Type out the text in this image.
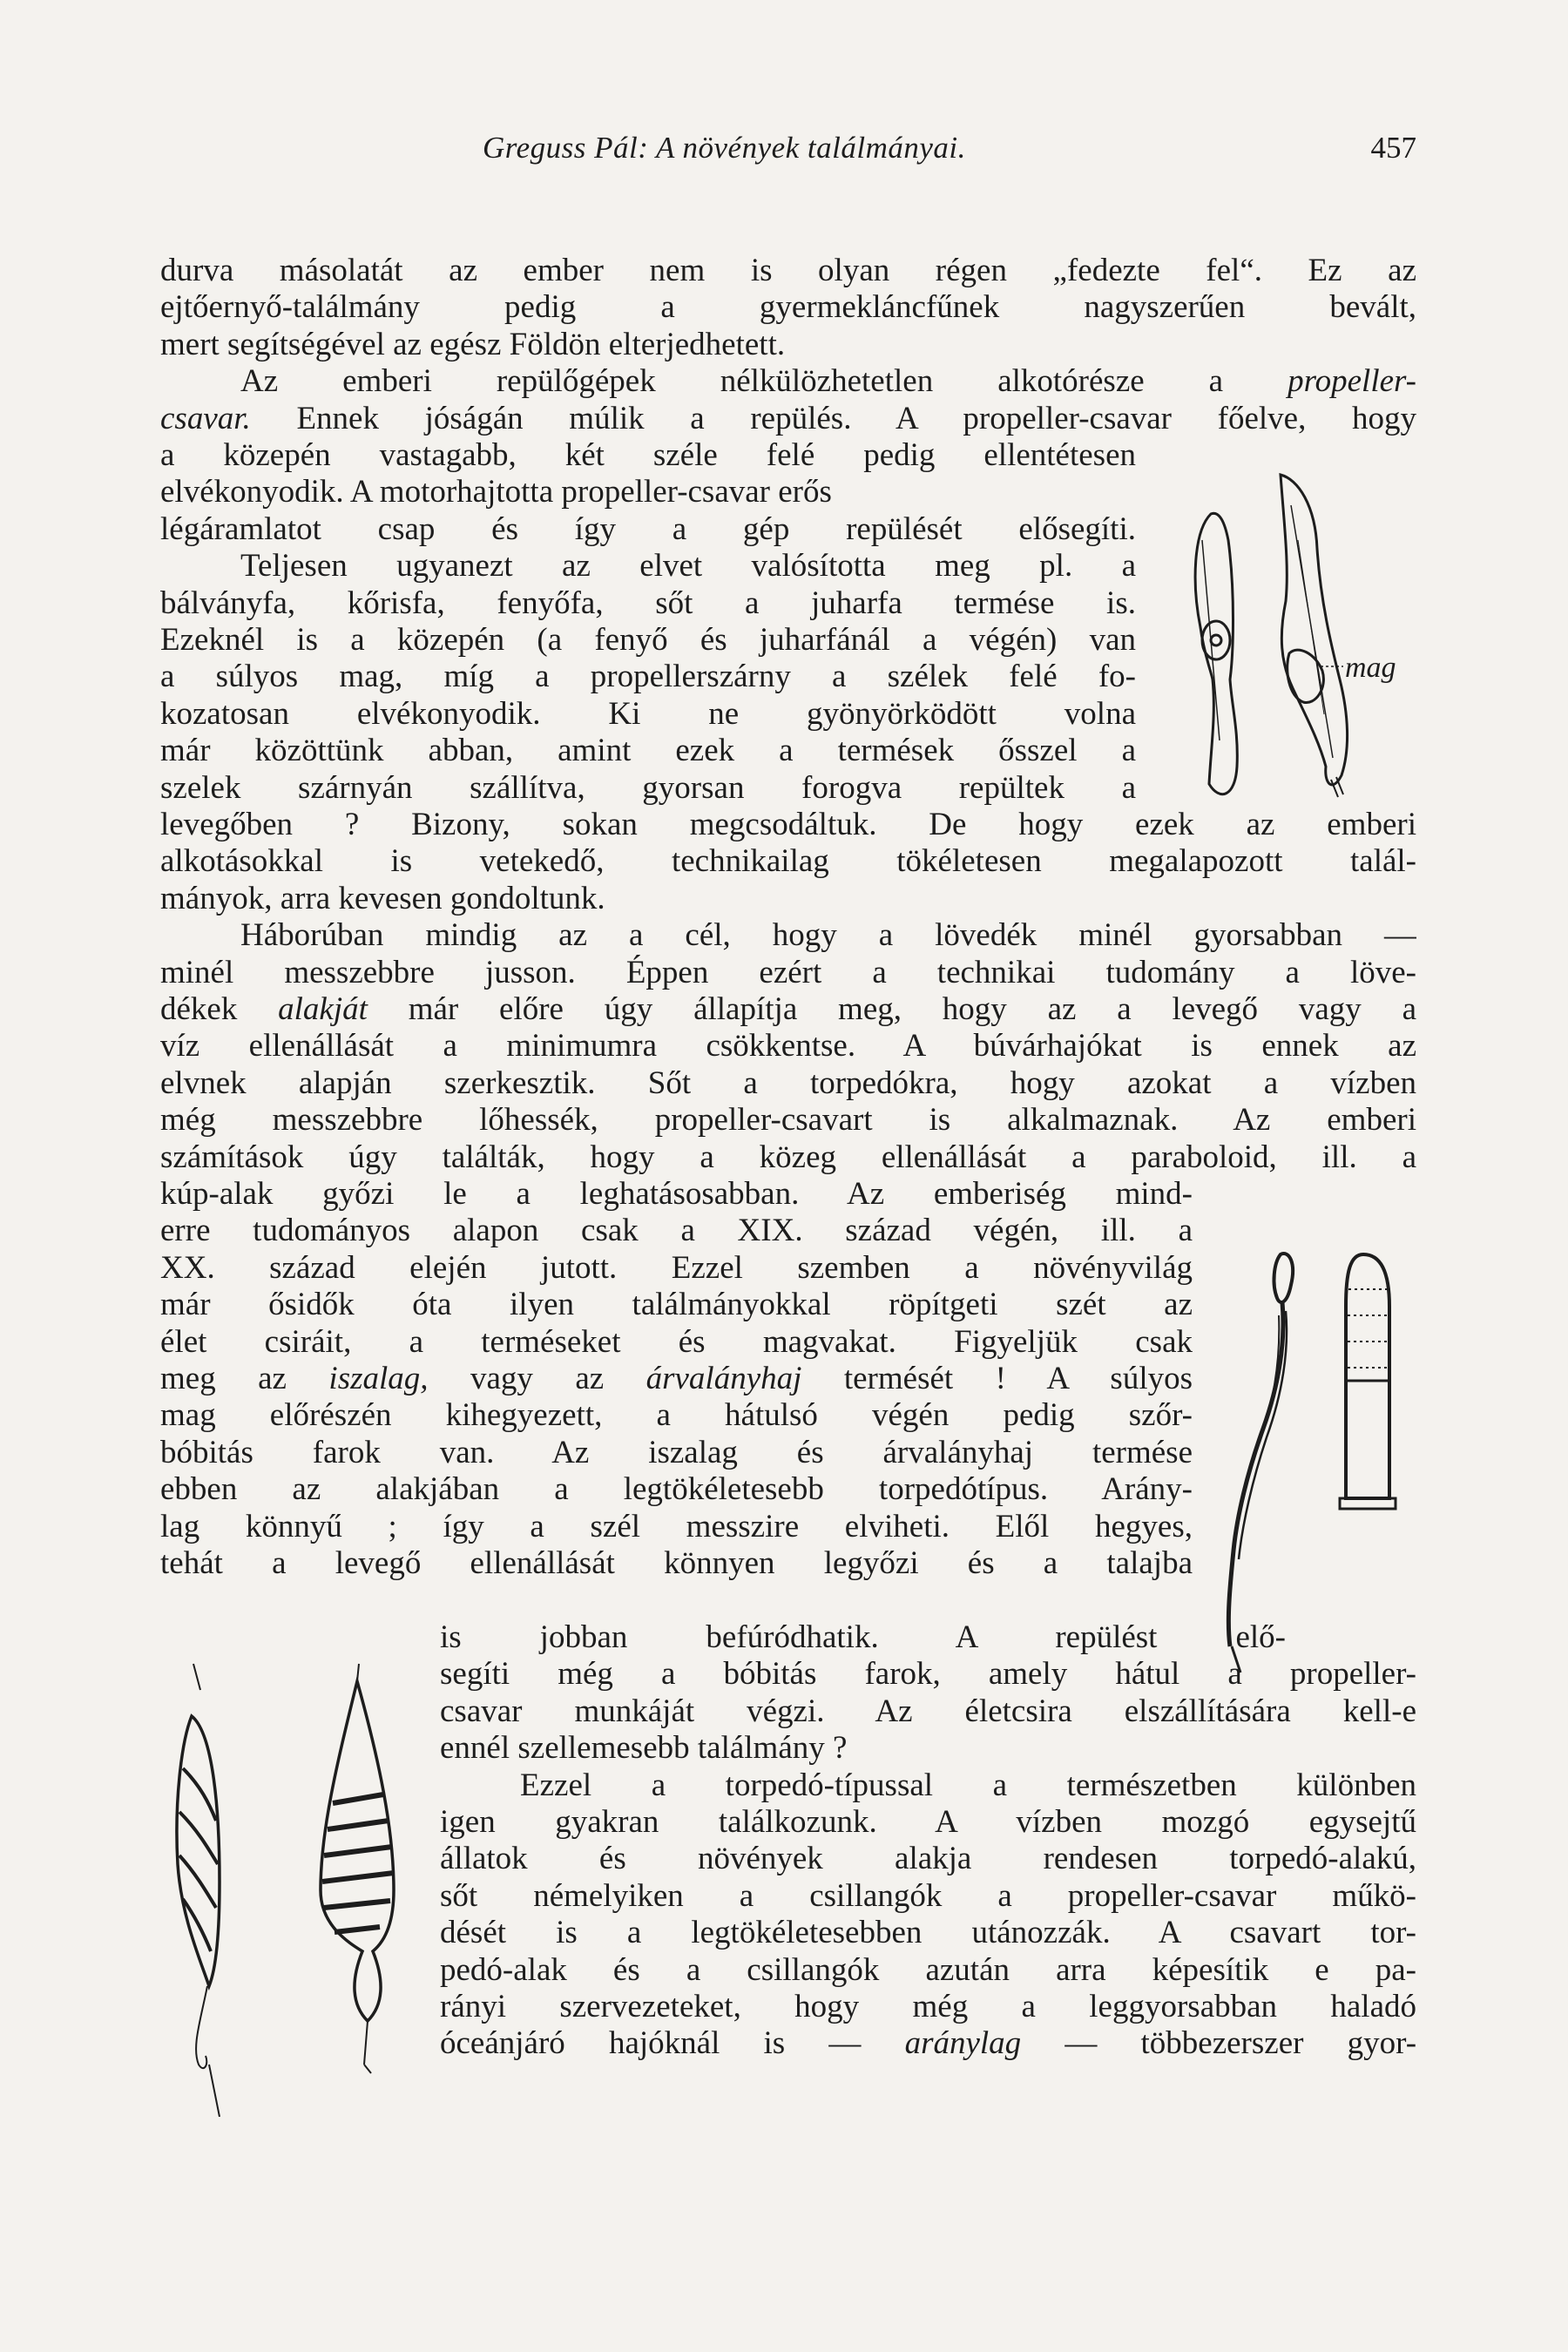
Greguss Pál: A növények találmányai.	457
durva másolatát az ember nem is olyan régen „fedezte fel“. Ez az
ejtőernyő-találmány pedig a gyermekláncfűnek nagyszerűen bevált,
mert segítségével az egész Földön elterjedhetett.
Az emberi repülőgépek nélkülözhetetlen alkotórésze a propeller-
csavar. Ennek jóságán múlik a repülés. A propeller-csavar főelve, hogy
a közepén vastagabb, két széle felé pedig ellentétesen
elvékonyodik. A motorhajtotta propeller-csavar erős
légáramlatot csap és így a gép repülését elősegíti.
Teljesen ugyanezt az elvet valósította meg pl. a
bálványfa, kőrisfa, fenyőfa, sőt a juharfa termése is.
Ezeknél is a közepén (a fenyő és juharfánál a végén) van
a súlyos mag, míg a propellerszárny a szélek felé fo-
kozatosan elvékonyodik. Ki ne gyönyörködött volna
már közöttünk abban, amint ezek a termések ősszel a
szelek szárnyán szállítva, gyorsan forogva repültek a
levegőben ? Bizony, sokan megcsodáltuk. De hogy ezek az emberi
alkotásokkal is vetekedő, technikailag tökéletesen megalapozott talál-
mányok, arra kevesen gondoltunk.
Háborúban mindig az a cél, hogy a lövedék minél gyorsabban —
minél messzebbre jusson. Éppen ezért a technikai tudomány a löve-
dékek alakját már előre úgy állapítja meg, hogy az a levegő vagy a
víz ellenállását a minimumra csökkentse. A búvárhajókat is ennek az
elvnek alapján szerkesztik. Sőt a torpedókra, hogy azokat a vízben
még messzebbre lőhessék, propeller-csavart is alkalmaznak. Az emberi
számítások úgy találták, hogy a közeg ellenállását a paraboloid, ill. a
kúp-alak győzi le a leghatásosabban. Az emberiség mind-
erre tudományos alapon csak a XIX. század végén, ill. a
XX. század elején jutott. Ezzel szemben a növényvilág
már ősidők óta ilyen találmányokkal röpítgeti szét az
élet csiráit, a terméseket és magvakat. Figyeljük csak
meg az iszalag, vagy az árvalányhaj termését ! A súlyos
mag előrészén kihegyezett, a hátulsó végén pedig szőr-
bóbitás farok van. Az iszalag és árvalányhaj termése
ebben az alakjában a legtökéletesebb torpedótípus. Arány-
lag könnyű ; így a szél messzire elviheti. Elől hegyes,
tehát a levegő ellenállását könnyen legyőzi és a talajba
is jobban befúródhatik. A repülést elő-
segíti még a bóbitás farok, amely hátul a propeller-
csavar munkáját végzi. Az életcsira elszállítására kell-e
ennél szellemesebb találmány ?
Ezzel a torpedó-típussal a természetben különben
igen gyakran találkozunk. A vízben mozgó egysejtű
állatok és növények alakja rendesen torpedó-alakú,
sőt némelyiken a csillangók a propeller-csavar műkö-
dését is a legtökéletesebben utánozzák. A csavart tor-
pedó-alak és a csillangók azután arra képesítik e pa-
rányi szervezeteket, hogy még a leggyorsabban haladó
óceánjáró hajóknál is — aránylag — többezerszer gyor-
mag
